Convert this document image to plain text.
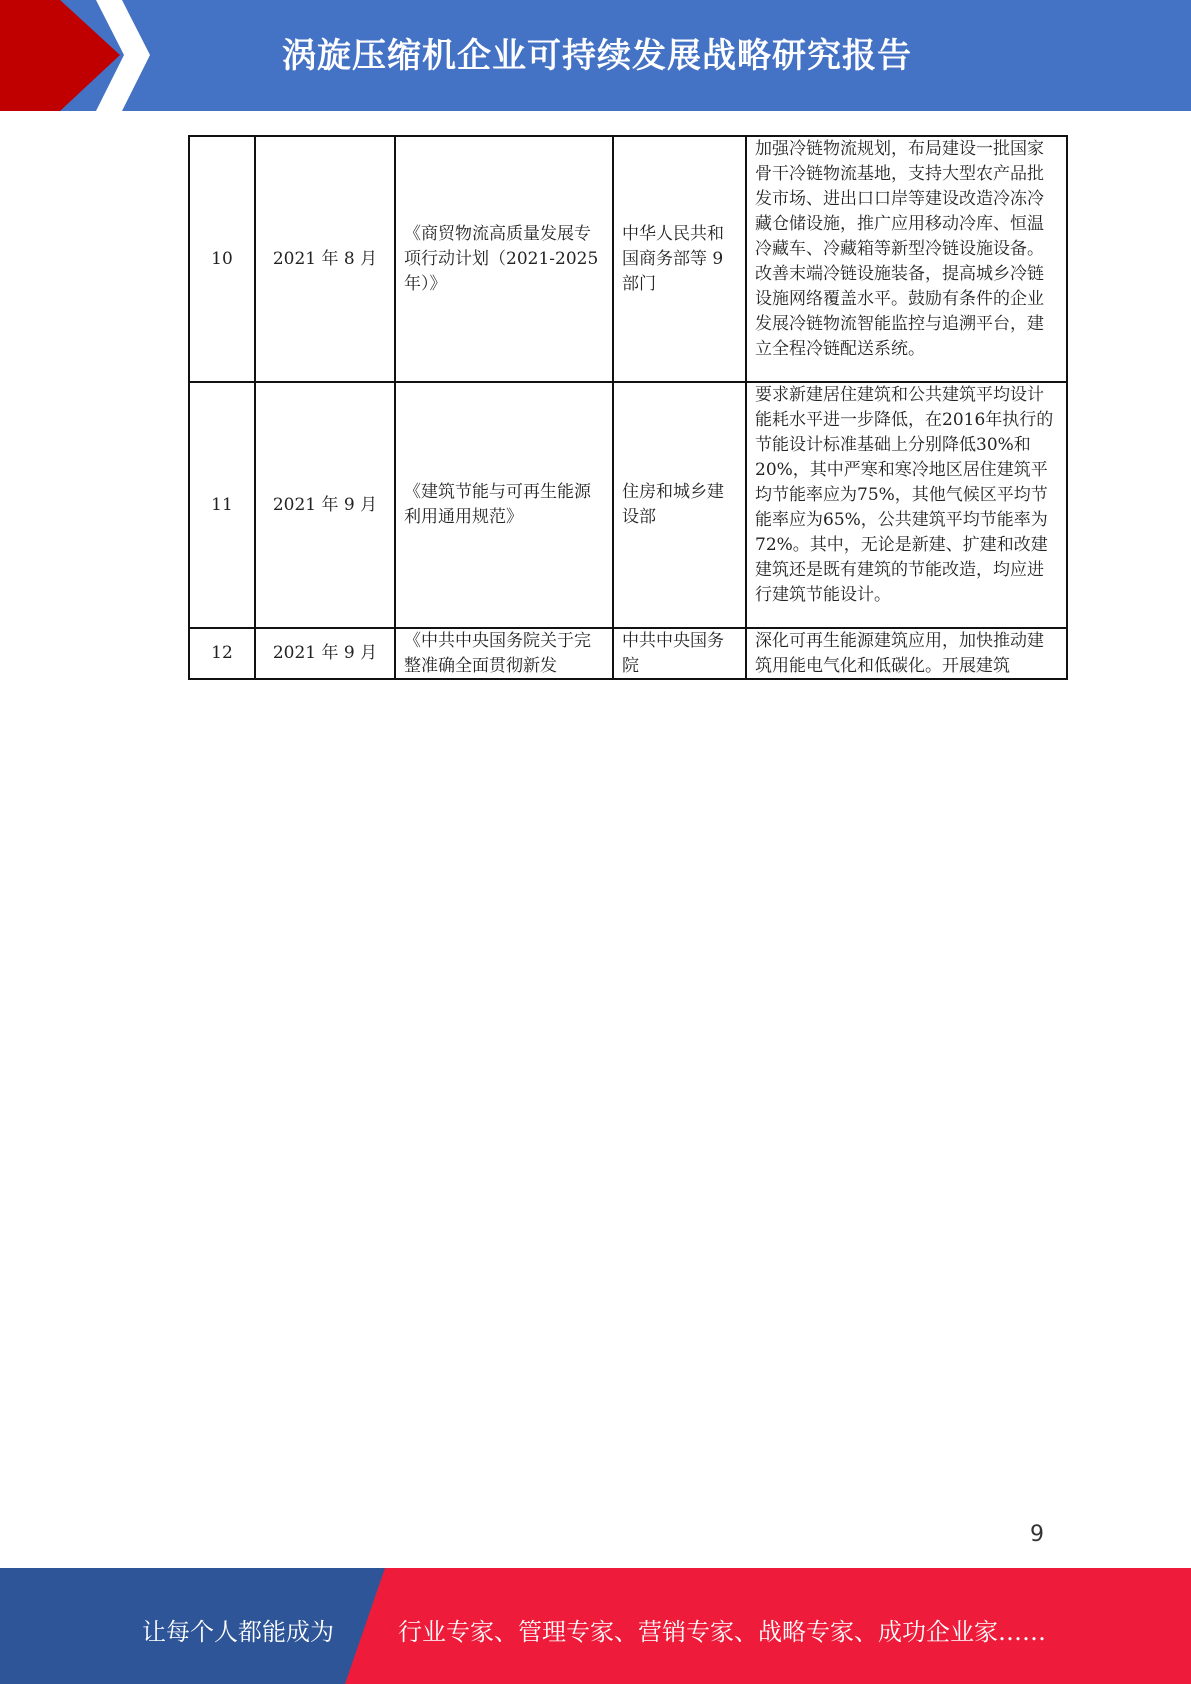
涡旋压缩机企业可持续发展战略研究报告
10	2021 年 8 月	《商贸物流高质量发展专项行动计划（2021-2025 年）》	中华人民共和国商务部等 9 部门	加强冷链物流规划，布局建设一批国家骨干冷链物流基地，支持大型农产品批发市场、进出口口岸等建设改造冷冻冷藏仓储设施，推广应用移动冷库、恒温冷藏车、冷藏箱等新型冷链设施设备。改善末端冷链设施装备，提高城乡冷链设施网络覆盖水平。鼓励有条件的企业发展冷链物流智能监控与追溯平台，建立全程冷链配送系统。
11	2021 年 9 月	《建筑节能与可再生能源利用通用规范》	住房和城乡建设部	要求新建居住建筑和公共建筑平均设计能耗水平进一步降低，在2016年执行的节能设计标准基础上分别降低30%和20%，其中严寒和寒冷地区居住建筑平均节能率应为75%，其他气候区平均节能率应为65%，公共建筑平均节能率为72%。其中，无论是新建、扩建和改建建筑还是既有建筑的节能改造，均应进行建筑节能设计。
12	2021 年 9 月	《中共中央国务院关于完整准确全面贯彻新发	中共中央国务院	深化可再生能源建筑应用，加快推动建筑用能电气化和低碳化。开展建筑
9
让每个人都能成为	行业专家、管理专家、营销专家、战略专家、成功企业家……
